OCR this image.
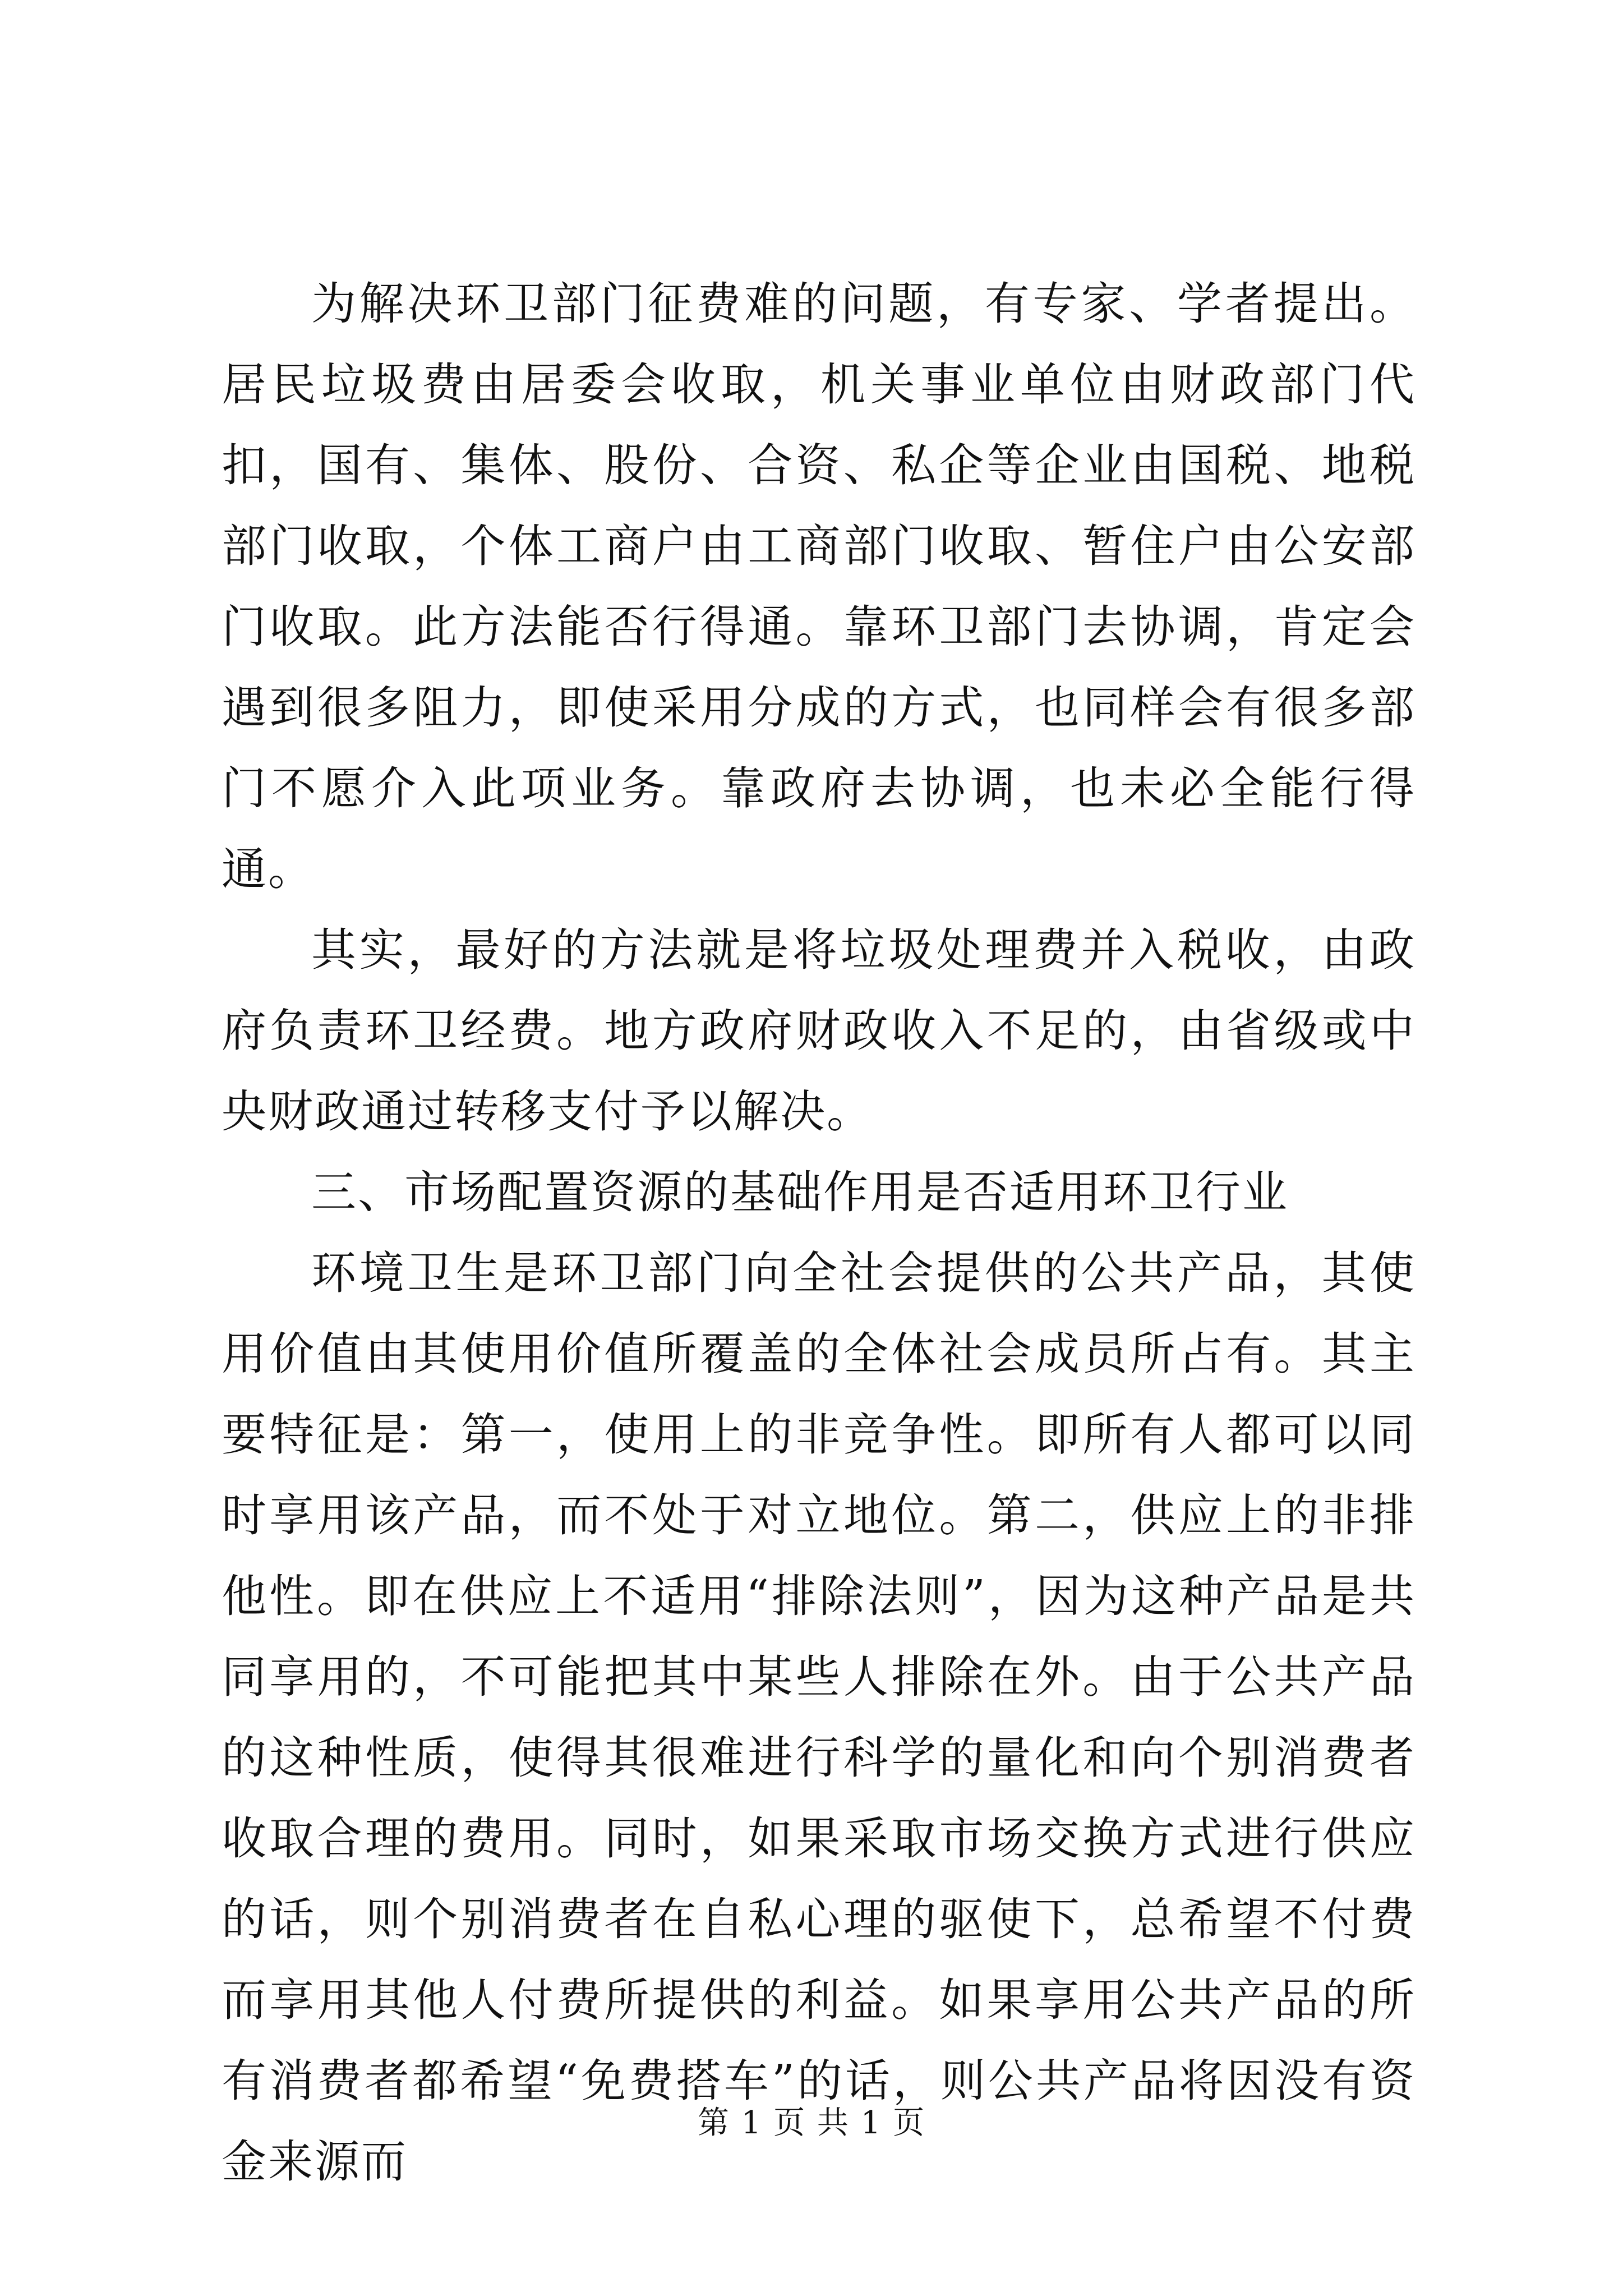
为解决环卫部门征费难的问题，有专家、学者提出。居民垃圾费由居委会收取，机关事业单位由财政部门代扣，国有、集体、股份、合资、私企等企业由国税、地税部门收取，个体工商户由工商部门收取、暂住户由公安部门收取。此方法能否行得通。靠环卫部门去协调，肯定会遇到很多阻力，即使采用分成的方式，也同样会有很多部门不愿介入此项业务。靠政府去协调，也未必全能行得通。

其实，最好的方法就是将垃圾处理费并入税收，由政府负责环卫经费。地方政府财政收入不足的，由省级或中央财政通过转移支付予以解决。

三、市场配置资源的基础作用是否适用环卫行业

环境卫生是环卫部门向全社会提供的公共产品，其使用价值由其使用价值所覆盖的全体社会成员所占有。其主要特征是：第一，使用上的非竞争性。即所有人都可以同时享用该产品，而不处于对立地位。第二，供应上的非排他性。即在供应上不适用“排除法则”，因为这种产品是共同享用的，不可能把其中某些人排除在外。由于公共产品的这种性质，使得其很难进行科学的量化和向个别消费者收取合理的费用。同时，如果采取市场交换方式进行供应的话，则个别消费者在自私心理的驱使下，总希望不付费而享用其他人付费所提供的利益。如果享用公共产品的所有消费者都希望“免费搭车”的话，则公共产品将因没有资金来源而

第 1 页 共 1 页
